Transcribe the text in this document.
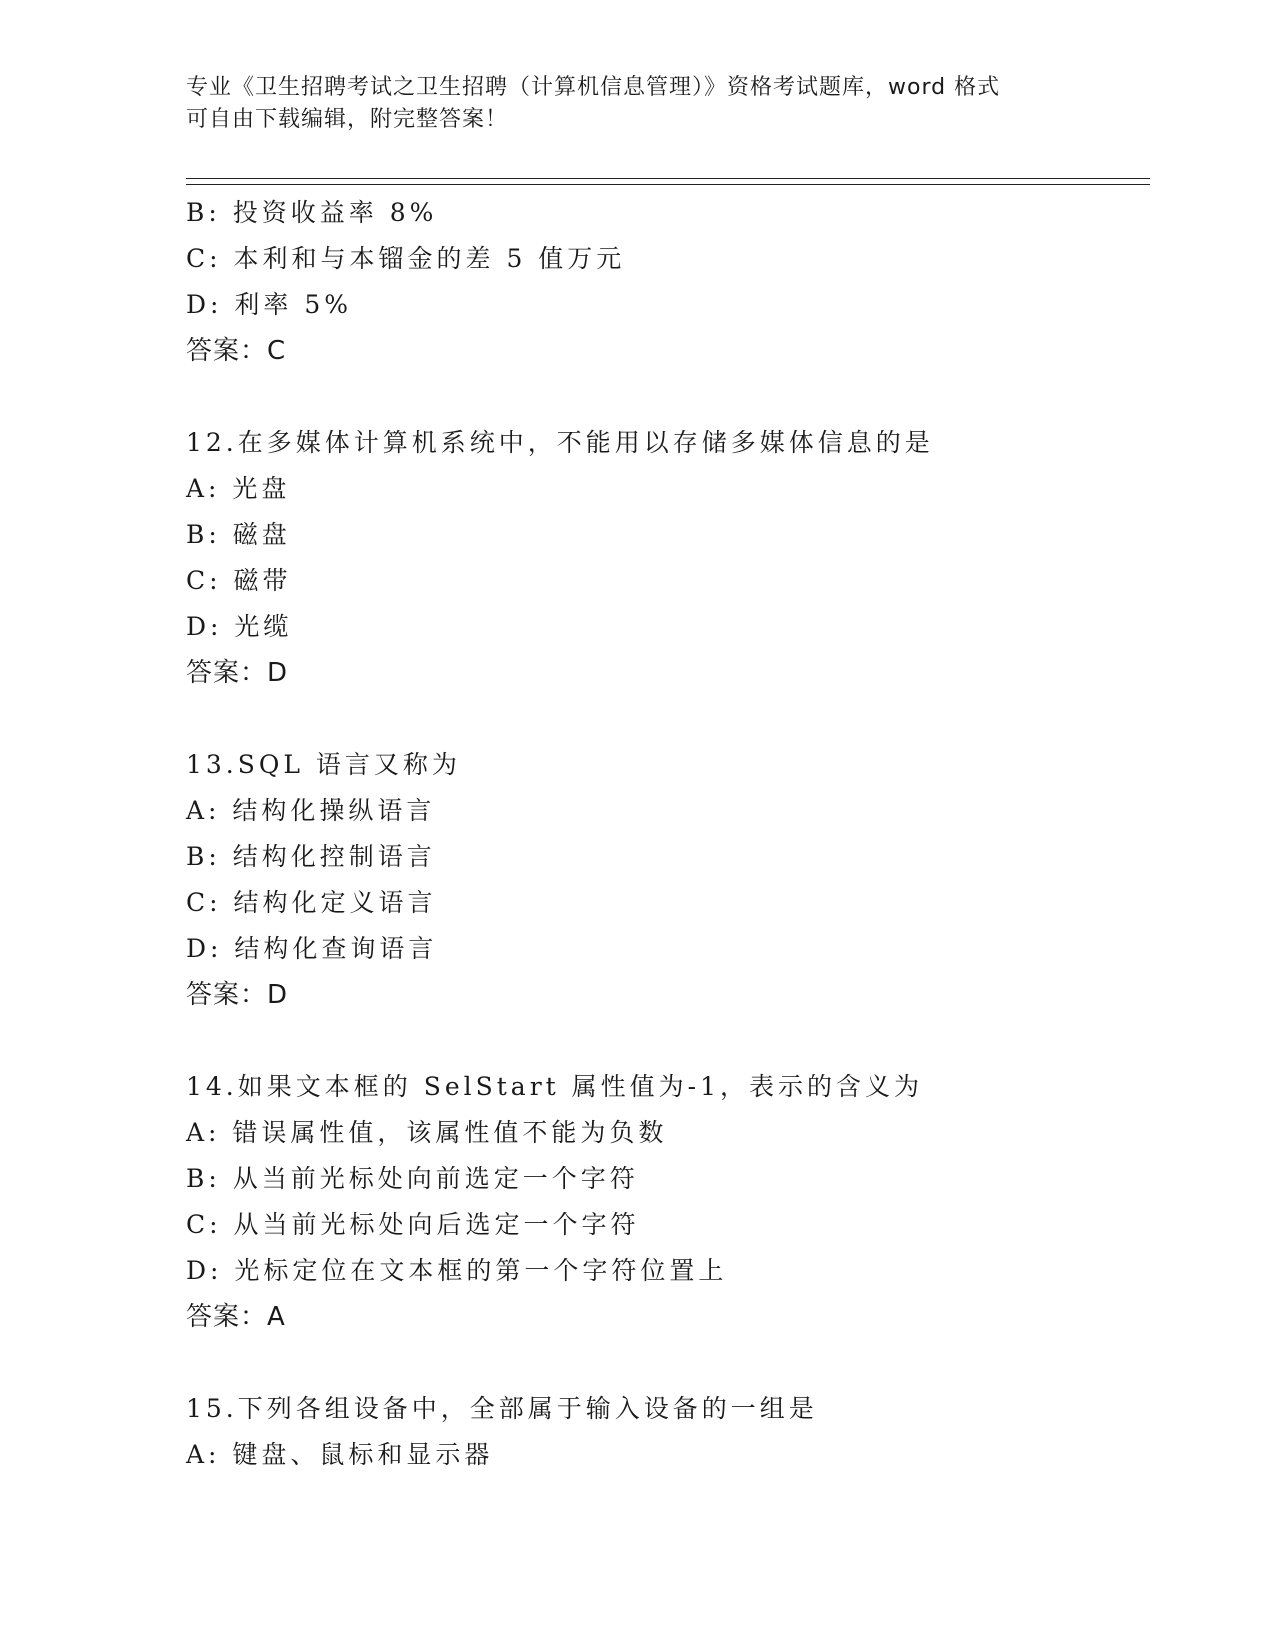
专业《卫生招聘考试之卫生招聘（计算机信息管理）》资格考试题库，word 格式
可自由下载编辑，附完整答案！
B: 投资收益率 8%
C: 本利和与本镏金的差 5 值万元
D: 利率 5%
答案：C
12.在多媒体计算机系统中，不能用以存储多媒体信息的是
A: 光盘
B: 磁盘
C: 磁带
D: 光缆
答案：D
13.SQL 语言又称为
A: 结构化操纵语言
B: 结构化控制语言
C: 结构化定义语言
D: 结构化查询语言
答案：D
14.如果文本框的 SelStart 属性值为-1，表示的含义为
A: 错误属性值，该属性值不能为负数
B: 从当前光标处向前选定一个字符
C: 从当前光标处向后选定一个字符
D: 光标定位在文本框的第一个字符位置上
答案：A
15.下列各组设备中，全部属于输入设备的一组是
A: 键盘、鼠标和显示器
